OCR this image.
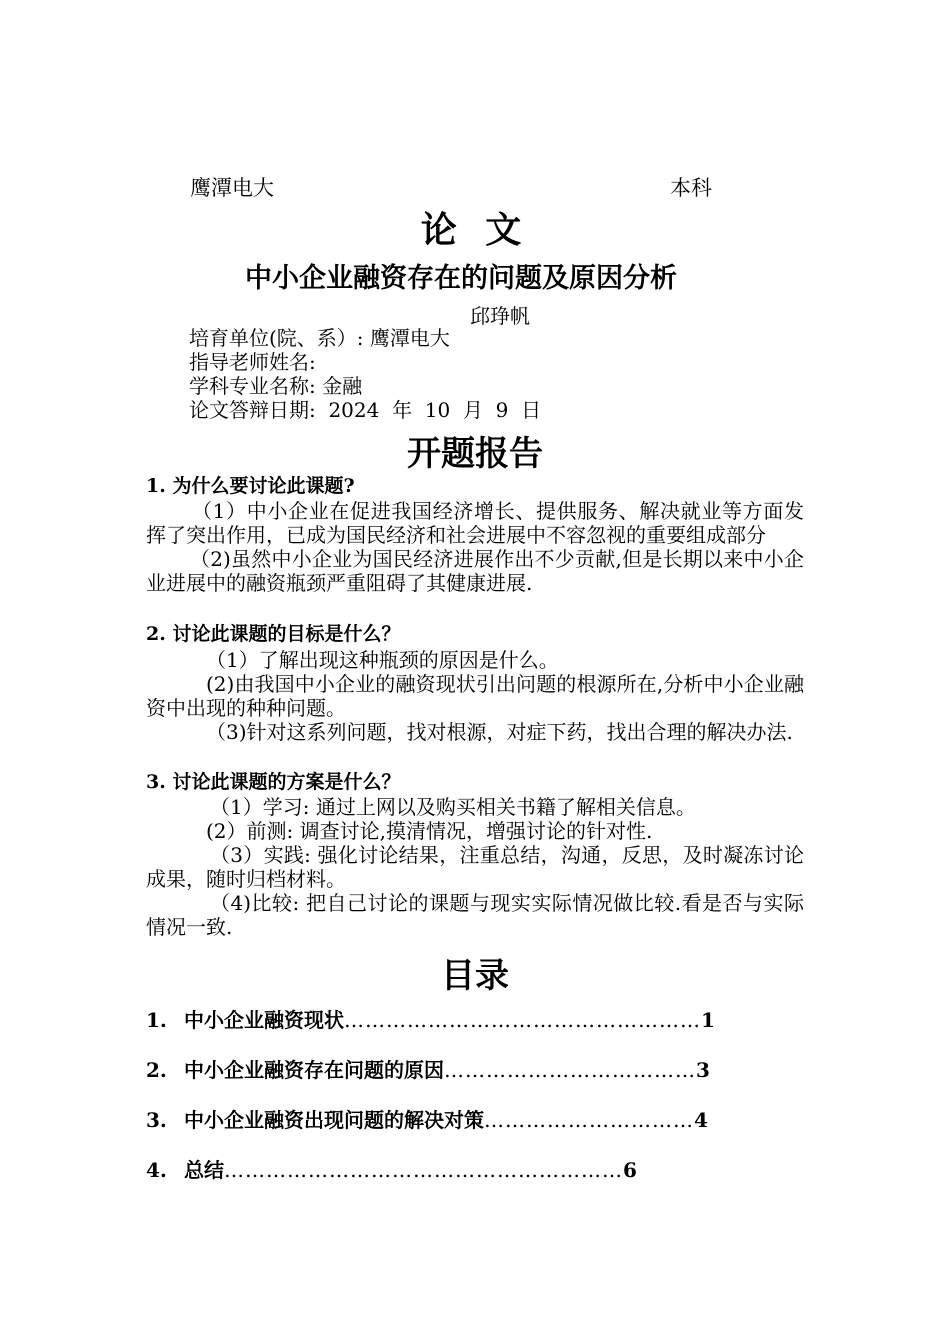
鹰潭电大	本科
论 文
中小企业融资存在的问题及原因分析
邱琤帆
培育单位(院、系）: 鹰潭电大
指导老师姓名:
学科专业名称: 金融
论文答辩日期:  2024  年  10  月  9  日
开题报告
1. 为什么要讨论此课题?

（1）中小企业在促进我国经济增长、提供服务、解决就业等方面发挥了突出作用，已成为国民经济和社会进展中不容忽视的重要组成部分

（2)虽然中小企业为国民经济进展作出不少贡献,但是长期以来中小企业进展中的融资瓶颈严重阻碍了其健康进展.

2. 讨论此课题的目标是什么？

（1）了解出现这种瓶颈的原因是什么。

(2)由我国中小企业的融资现状引出问题的根源所在,分析中小企业融资中出现的种种问题。

（3)针对这系列问题，找对根源，对症下药，找出合理的解决办法.

3. 讨论此课题的方案是什么？

（1）学习: 通过上网以及购买相关书籍了解相关信息。

(2）前测: 调查讨论,摸清情况，增强讨论的针对性.

（3）实践: 强化讨论结果，注重总结，沟通，反思，及时凝冻讨论成果，随时归档材料。

（4)比较: 把自己讨论的课题与现实实际情况做比较.看是否与实际情况一致.

目录
1. 中小企业融资现状……………………………………………1
2. 中小企业融资存在问题的原因………………………………3
3. 中小企业融资出现问题的解决对策…………………………4
4. 总结…………………………………………………6
